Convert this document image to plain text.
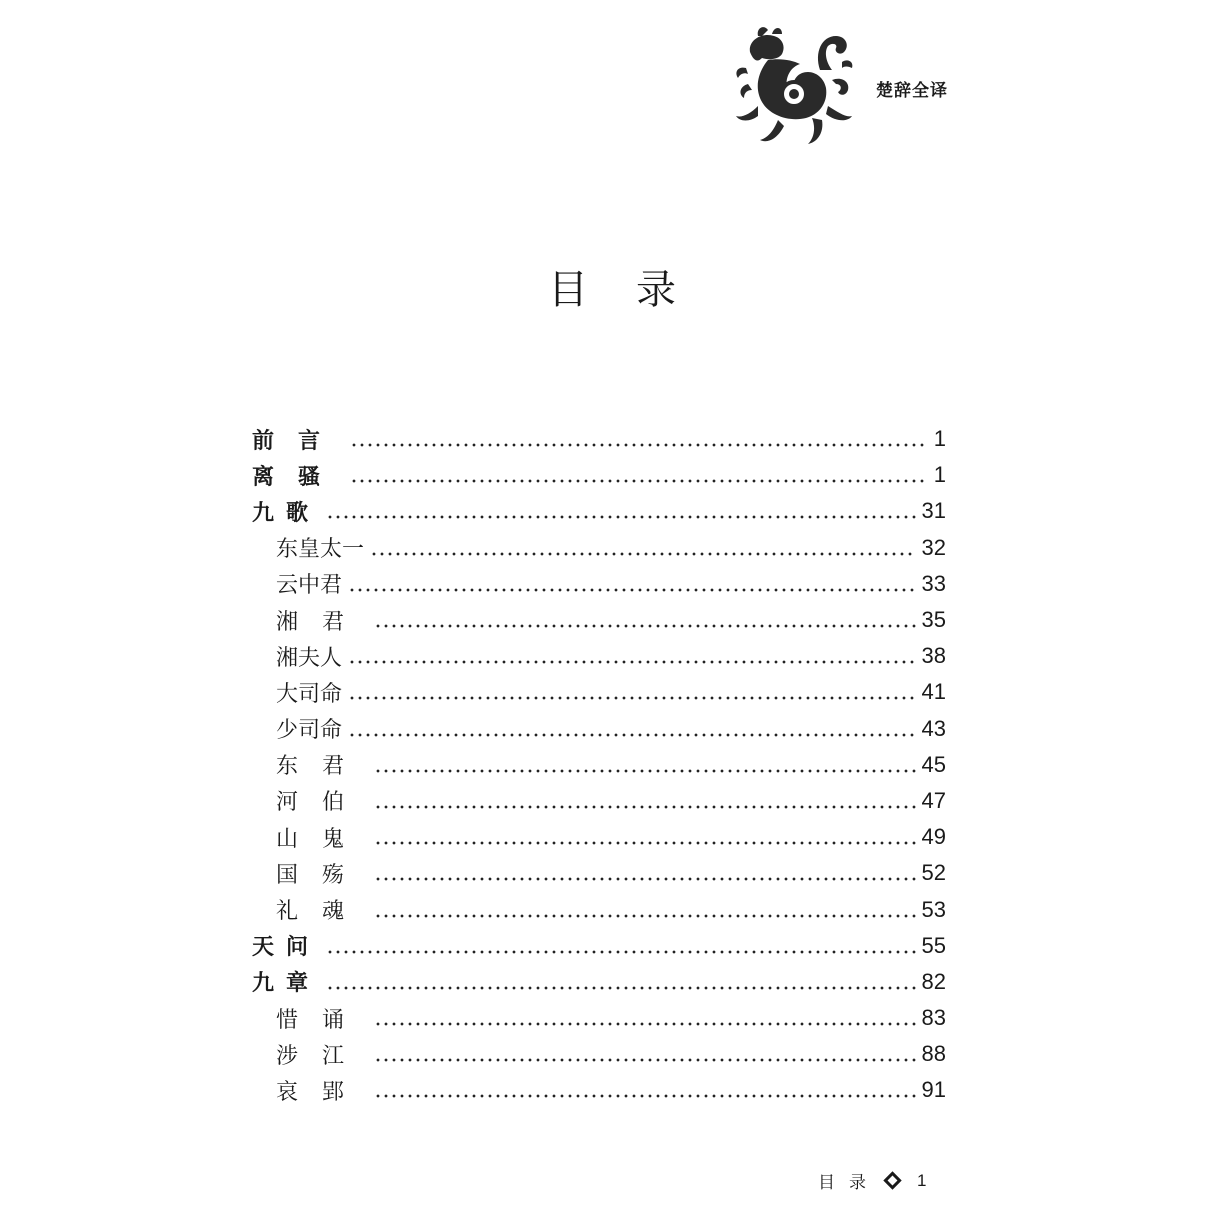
楚辞全译
目 录
前言	1
离骚	1
九歌	31
东皇太一	32
云中君	33
湘君	35
湘夫人	38
大司命	41
少司命	43
东君	45
河伯	47
山鬼	49
国殇	52
礼魂	53
天问	55
九章	82
惜诵	83
涉江	88
哀郢	91
目录 1
